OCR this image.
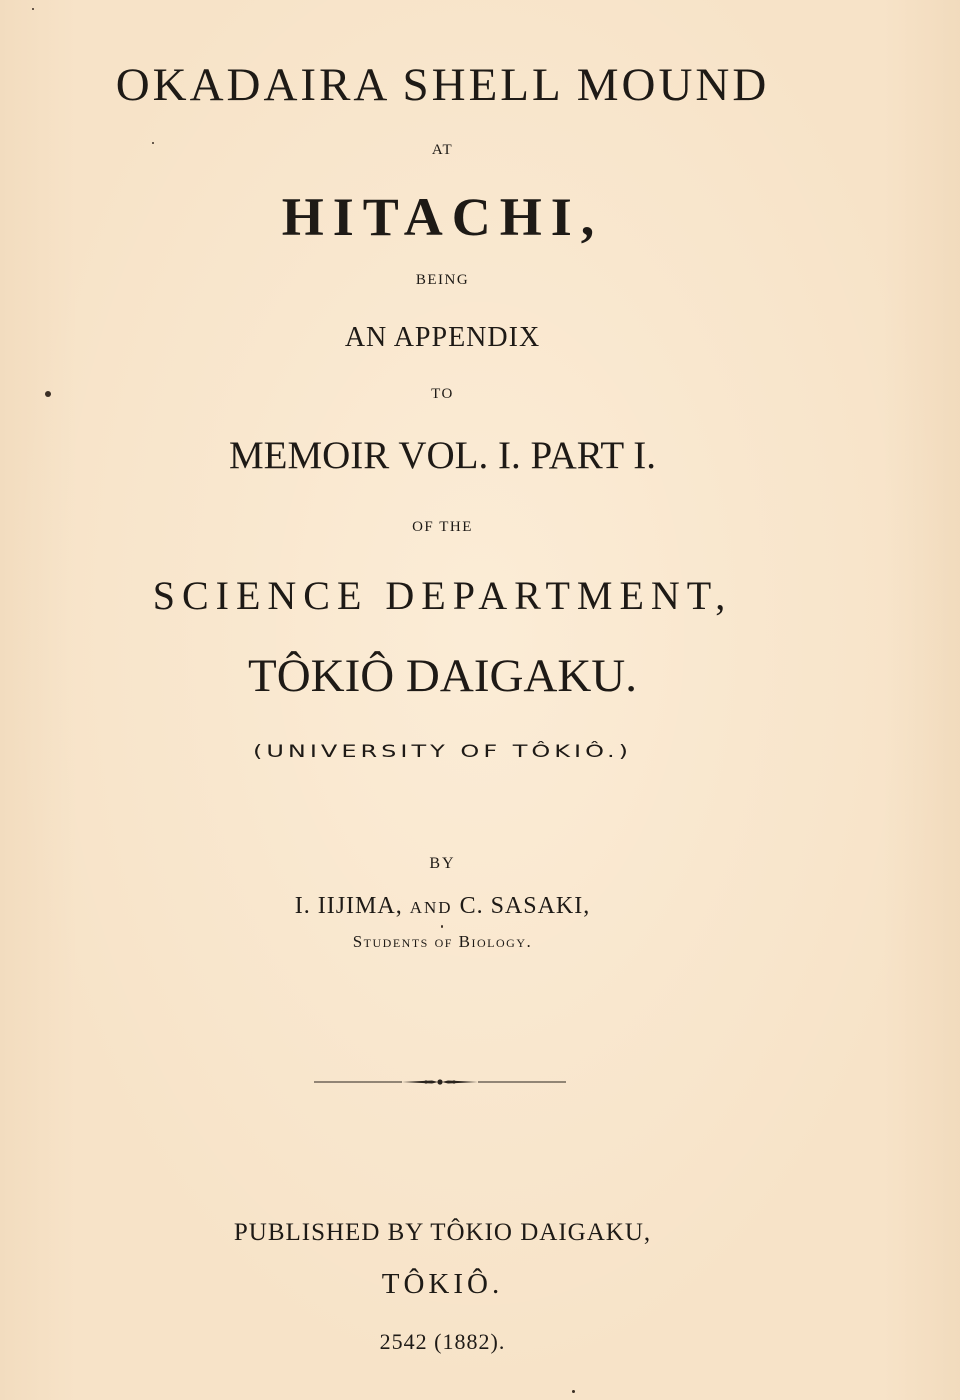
OKADAIRA SHELL MOUND
AT
HITACHI,
BEING
AN APPENDIX
TO
MEMOIR VOL. I. PART I.
OF THE
SCIENCE DEPARTMENT,
TÔKIÔ DAIGAKU.
(UNIVERSITY OF TÔKIÔ.)
BY
I. IIJIMA, AND C. SASAKI,
Students of Biology.
PUBLISHED BY TÔKIO DAIGAKU,
TÔKIÔ.
2542 (1882).
